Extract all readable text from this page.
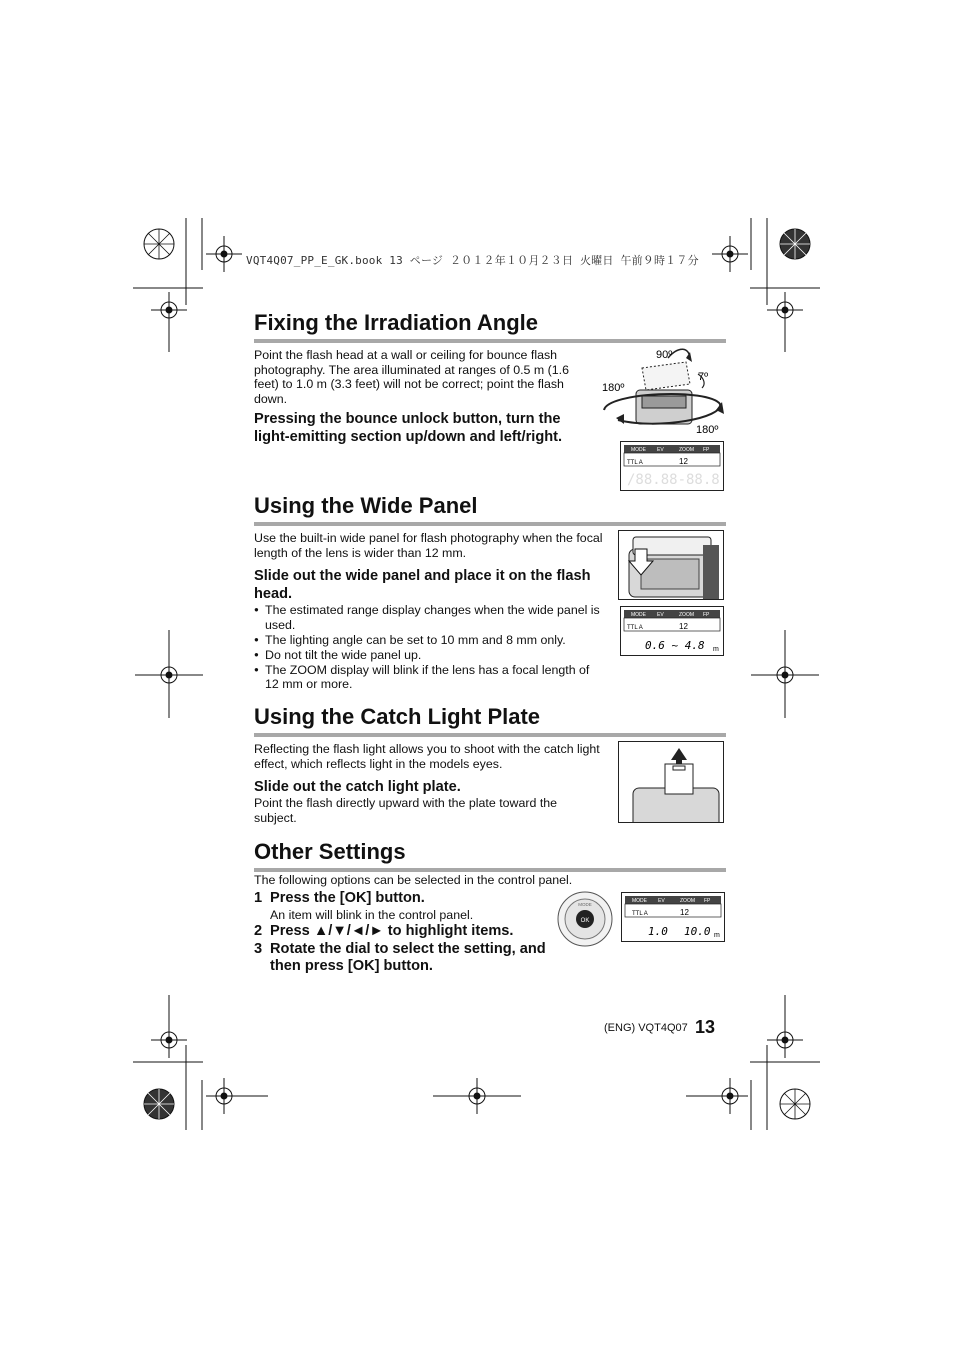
VQT4Q07_PP_E_GK.book 13 ページ ２０１２年１０月２３日 火曜日 午前９時１７分
Fixing the Irradiation Angle
Point the flash head at a wall or ceiling for bounce flash photography. The area illuminated at ranges of 0.5 m (1.6 feet) to 1.0 m (3.3 feet) will not be correct; point the flash down.
Pressing the bounce unlock button, turn the light-emitting section up/down and left/right.
90º
7º
180º
180º
MODE EV	ZOOM FP
TTL A	12
/88.88-88.8
Using the Wide Panel
Use the built-in wide panel for flash photography when the focal length of the lens is wider than 12 mm.
Slide out the wide panel and place it on the flash head.
● The estimated range display changes when the wide panel is used.
● The lighting angle can be set to 10 mm and 8 mm only.
● Do not tilt the wide panel up.
● The ZOOM display will blink if the lens has a focal length of 12 mm or more.
MODE EV	ZOOM FP
TTL A	12
0.6 ~ 4.8 m
Using the Catch Light Plate
Reflecting the flash light allows you to shoot with the catch light effect, which reflects light in the models eyes.
Slide out the catch light plate.
Point the flash directly upward with the plate toward the subject.
Other Settings
The following options can be selected in the control panel.
1 Press the [OK] button.
An item will blink in the control panel.
2 Press ▲/▼/◄/► to highlight items.
3 Rotate the dial to select the setting, and then press [OK] button.
OK
MODE
MODE EV	ZOOM FP
TTL A	12
1.0 10.0 m
(ENG) VQT4Q07 13
